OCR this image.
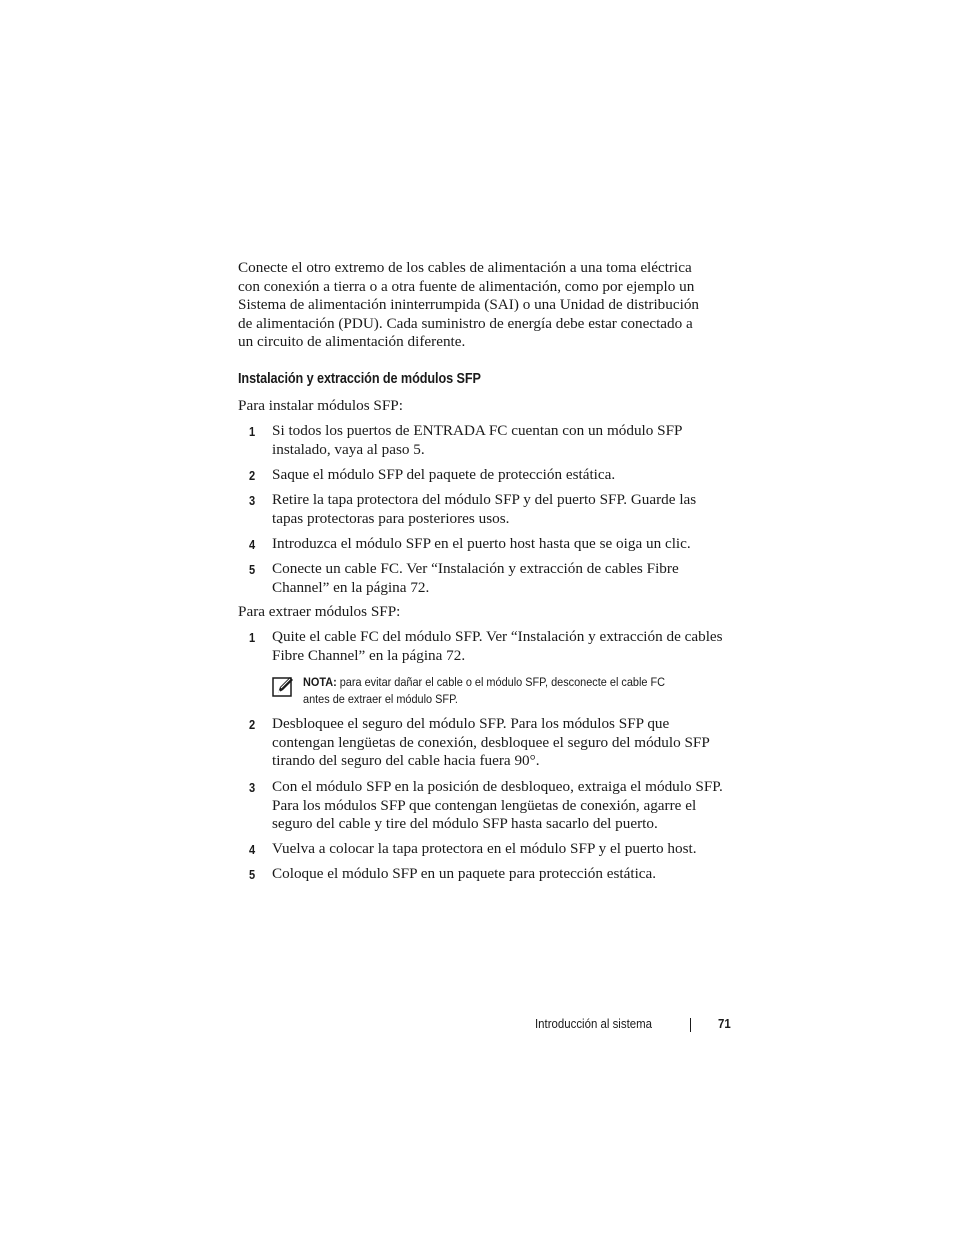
Conecte el otro extremo de los cables de alimentación a una toma eléctrica
con conexión a tierra o a otra fuente de alimentación, como por ejemplo un
Sistema de alimentación ininterrumpida (SAI) o una Unidad de distribución
de alimentación (PDU). Cada suministro de energía debe estar conectado a
un circuito de alimentación diferente.
Instalación y extracción de módulos SFP
Para instalar módulos SFP:
1 Si todos los puertos de ENTRADA FC cuentan con un módulo SFP
instalado, vaya al paso 5.
2 Saque el módulo SFP del paquete de protección estática.
3 Retire la tapa protectora del módulo SFP y del puerto SFP. Guarde las
tapas protectoras para posteriores usos.
4 Introduzca el módulo SFP en el puerto host hasta que se oiga un clic.
5 Conecte un cable FC. Ver “Instalación y extracción de cables Fibre
Channel” en la página 72.
Para extraer módulos SFP:
1 Quite el cable FC del módulo SFP. Ver “Instalación y extracción de cables
Fibre Channel” en la página 72.
NOTA: para evitar dañar el cable o el módulo SFP, desconecte el cable FC
antes de extraer el módulo SFP.
2 Desbloquee el seguro del módulo SFP. Para los módulos SFP que
contengan lengüetas de conexión, desbloquee el seguro del módulo SFP
tirando del seguro del cable hacia fuera 90°.
3 Con el módulo SFP en la posición de desbloqueo, extraiga el módulo SFP.
Para los módulos SFP que contengan lengüetas de conexión, agarre el
seguro del cable y tire del módulo SFP hasta sacarlo del puerto.
4 Vuelva a colocar la tapa protectora en el módulo SFP y el puerto host.
5 Coloque el módulo SFP en un paquete para protección estática.
Introducción al sistema	71
